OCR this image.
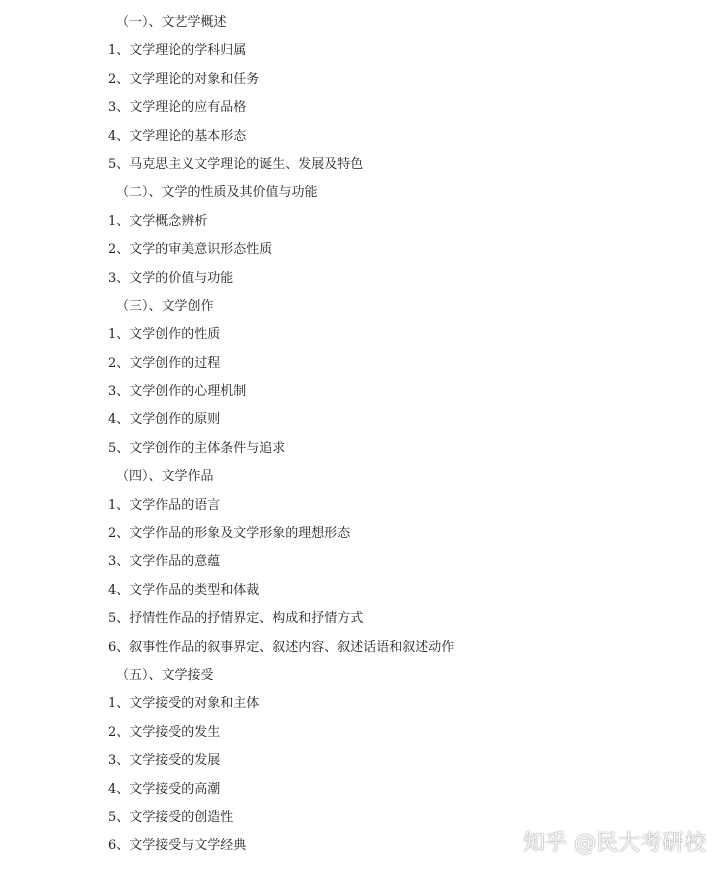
（一）、文艺学概述
1、文学理论的学科归属
2、文学理论的对象和任务
3、文学理论的应有品格
4、文学理论的基本形态
5、马克思主义文学理论的诞生、发展及特色
（二）、文学的性质及其价值与功能
1、文学概念辨析
2、文学的审美意识形态性质
3、文学的价值与功能
（三）、文学创作
1、文学创作的性质
2、文学创作的过程
3、文学创作的心理机制
4、文学创作的原则
5、文学创作的主体条件与追求
（四）、文学作品
1、文学作品的语言
2、文学作品的形象及文学形象的理想形态
3、文学作品的意蕴
4、文学作品的类型和体裁
5、抒情性作品的抒情界定、构成和抒情方式
6、叙事性作品的叙事界定、叙述内容、叙述话语和叙述动作
（五）、文学接受
1、文学接受的对象和主体
2、文学接受的发生
3、文学接受的发展
4、文学接受的高潮
5、文学接受的创造性
6、文学接受与文学经典	知乎 @民大考研校
